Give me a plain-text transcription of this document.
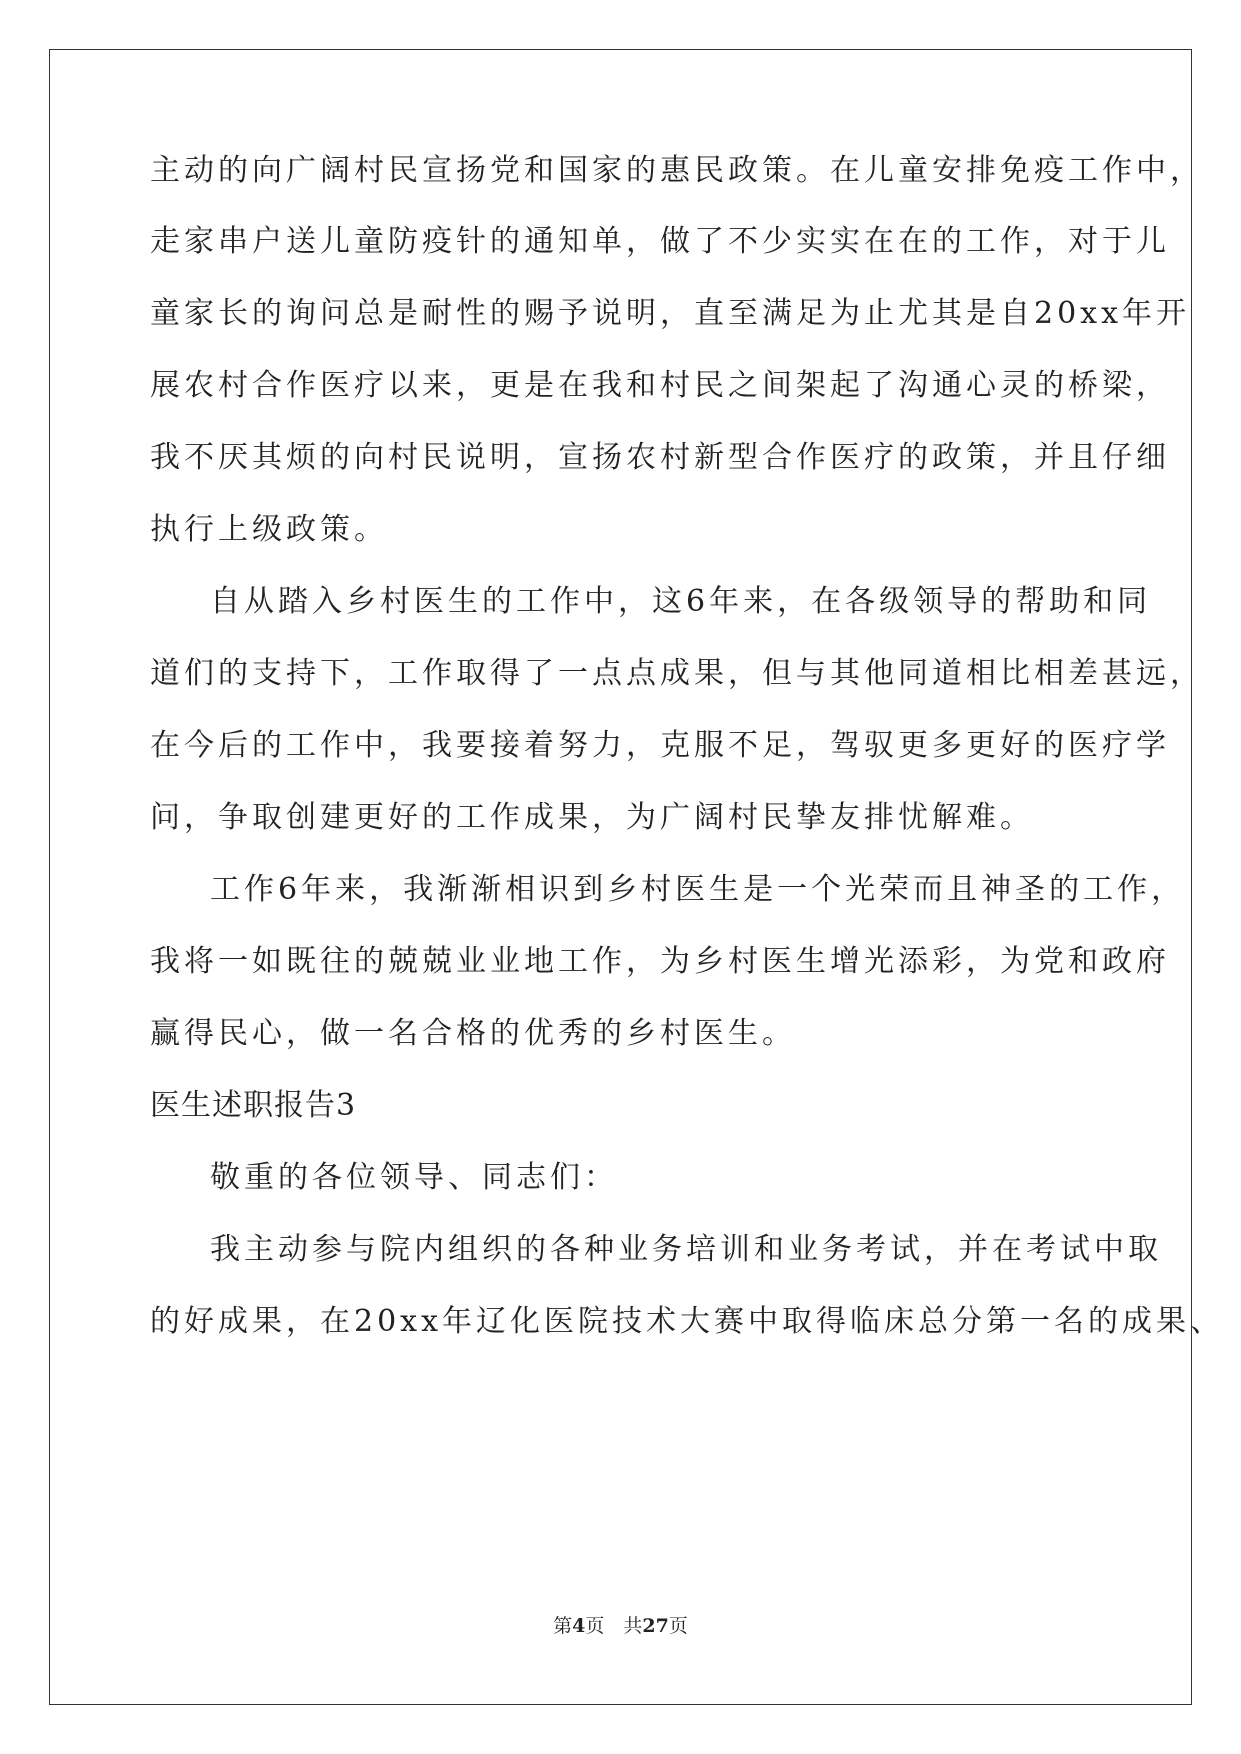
主动的向广阔村民宣扬党和国家的惠民政策。在儿童安排免疫工作中，
走家串户送儿童防疫针的通知单，做了不少实实在在的工作，对于儿
童家长的询问总是耐性的赐予说明，直至满足为止尤其是自20xx年开
展农村合作医疗以来，更是在我和村民之间架起了沟通心灵的桥梁，
我不厌其烦的向村民说明，宣扬农村新型合作医疗的政策，并且仔细
执行上级政策。
自从踏入乡村医生的工作中，这6年来，在各级领导的帮助和同
道们的支持下，工作取得了一点点成果，但与其他同道相比相差甚远，
在今后的工作中，我要接着努力，克服不足，驾驭更多更好的医疗学
问，争取创建更好的工作成果，为广阔村民挚友排忧解难。
工作6年来，我渐渐相识到乡村医生是一个光荣而且神圣的工作，
我将一如既往的兢兢业业地工作，为乡村医生增光添彩，为党和政府
赢得民心，做一名合格的优秀的乡村医生。
医生述职报告3
敬重的各位领导、同志们：
我主动参与院内组织的各种业务培训和业务考试，并在考试中取
的好成果，在20xx年辽化医院技术大赛中取得临床总分第一名的成果、
第4页　共27页
